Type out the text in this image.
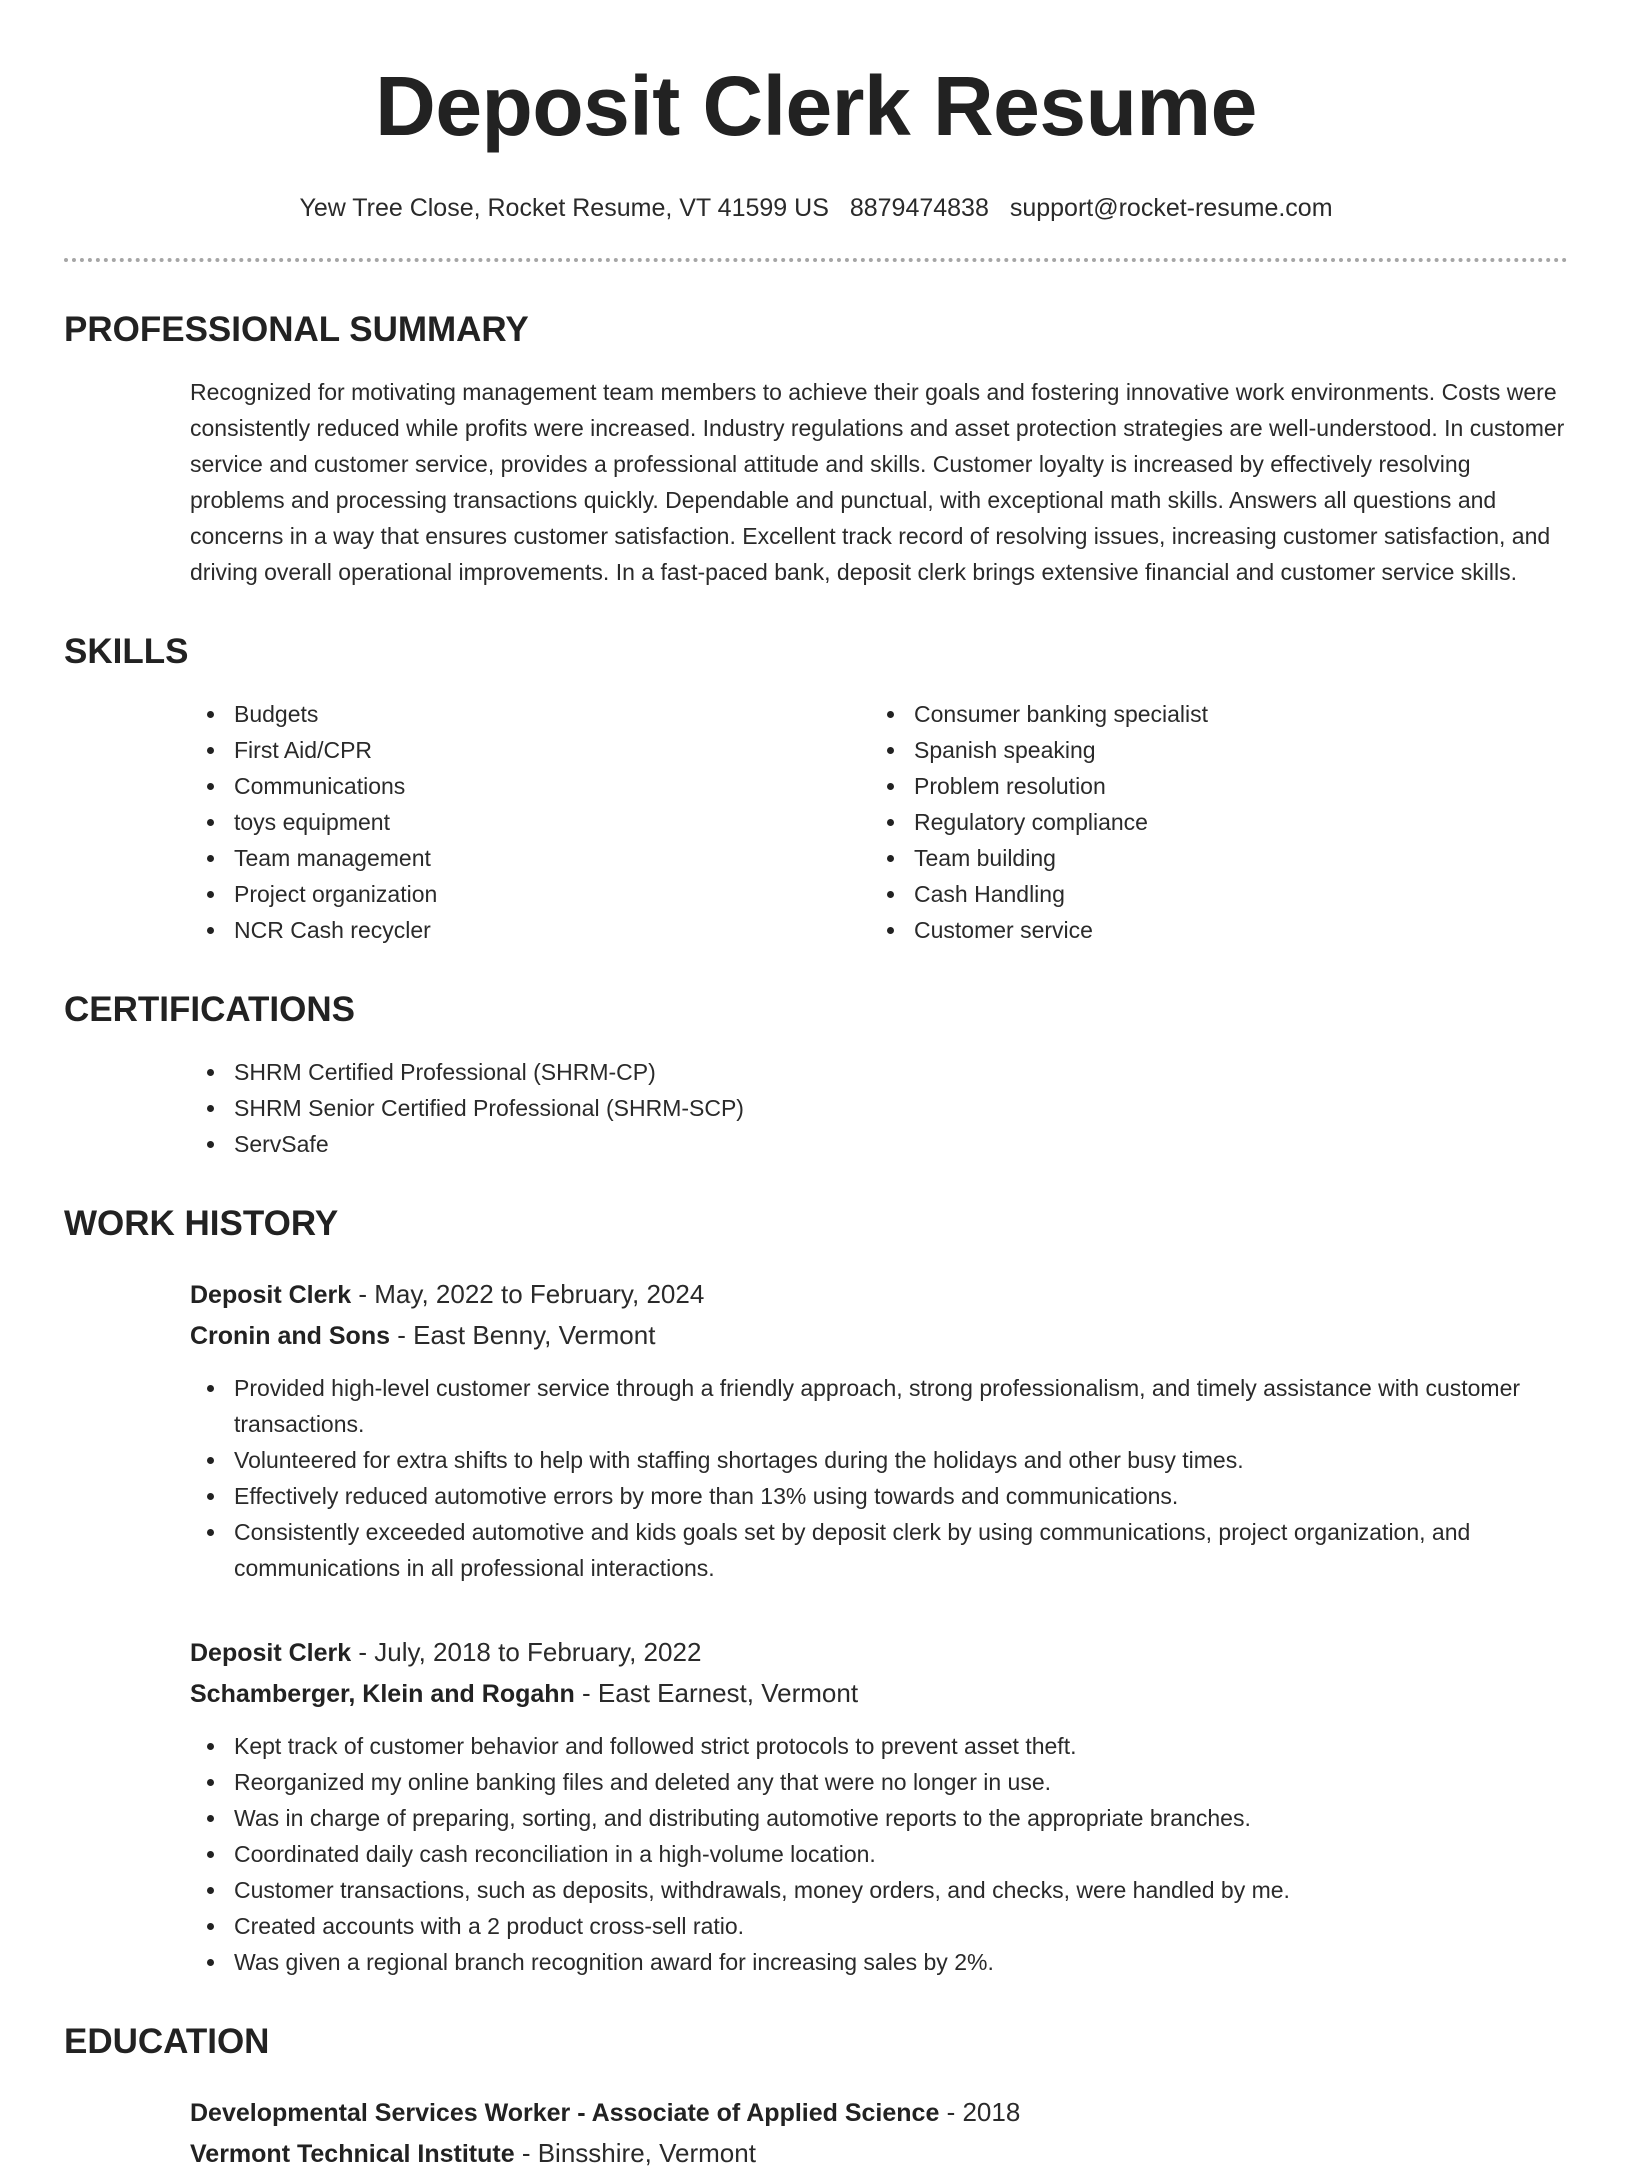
Deposit Clerk Resume
Yew Tree Close, Rocket Resume, VT 41599 US 8879474838 support@rocket-resume.com
PROFESSIONAL SUMMARY

Recognized for motivating management team members to achieve their goals and fostering innovative work environments. Costs were consistently reduced while profits were increased. Industry regulations and asset protection strategies are well-understood. In customer service and customer service, provides a professional attitude and skills. Customer loyalty is increased by effectively resolving problems and processing transactions quickly. Dependable and punctual, with exceptional math skills. Answers all questions and concerns in a way that ensures customer satisfaction. Excellent track record of resolving issues, increasing customer satisfaction, and driving overall operational improvements. In a fast-paced bank, deposit clerk brings extensive financial and customer service skills.

SKILLS
Budgets
First Aid/CPR
Communications
toys equipment
Team management
Project organization
NCR Cash recycler
Consumer banking specialist
Spanish speaking
Problem resolution
Regulatory compliance
Team building
Cash Handling
Customer service
CERTIFICATIONS
SHRM Certified Professional (SHRM-CP)
SHRM Senior Certified Professional (SHRM-SCP)
ServSafe
WORK HISTORY
Deposit Clerk - May, 2022 to February, 2024
Cronin and Sons - East Benny, Vermont
Provided high-level customer service through a friendly approach, strong professionalism, and timely assistance with customer transactions.
Volunteered for extra shifts to help with staffing shortages during the holidays and other busy times.
Effectively reduced automotive errors by more than 13% using towards and communications.
Consistently exceeded automotive and kids goals set by deposit clerk by using communications, project organization, and communications in all professional interactions.
Deposit Clerk - July, 2018 to February, 2022
Schamberger, Klein and Rogahn - East Earnest, Vermont
Kept track of customer behavior and followed strict protocols to prevent asset theft.
Reorganized my online banking files and deleted any that were no longer in use.
Was in charge of preparing, sorting, and distributing automotive reports to the appropriate branches.
Coordinated daily cash reconciliation in a high-volume location.
Customer transactions, such as deposits, withdrawals, money orders, and checks, were handled by me.
Created accounts with a 2 product cross-sell ratio.
Was given a regional branch recognition award for increasing sales by 2%.
EDUCATION
Developmental Services Worker - Associate of Applied Science - 2018
Vermont Technical Institute - Binsshire, Vermont
